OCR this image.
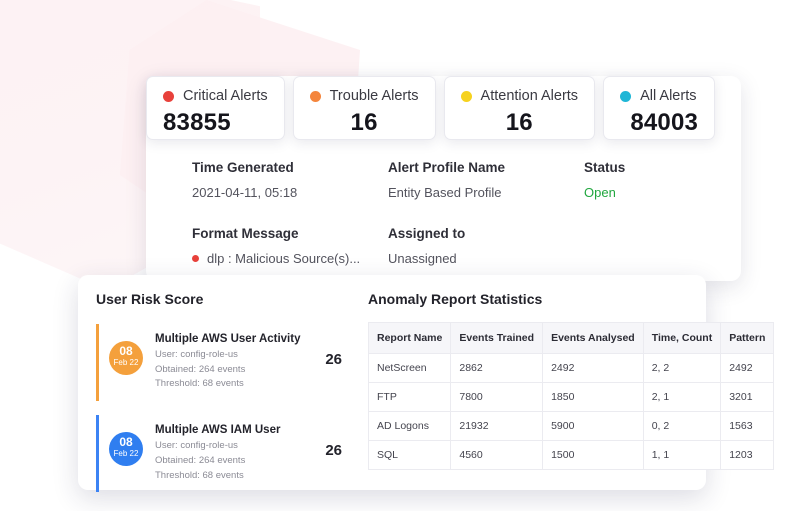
Critical Alerts
83855
Trouble Alerts
16
Attention Alerts
16
All Alerts
84003
Time Generated
2021-04-11, 05:18
Alert Profile Name
Entity Based Profile
Status
Open
Format Message
dlp : Malicious Source(s)...
Assigned to
Unassigned
User Risk Score
08
Feb 22
Multiple AWS User Activity
User: config-role-us
Obtained: 264 events
Threshold: 68 events
26
08
Feb 22
Multiple AWS IAM User
User: config-role-us
Obtained: 264 events
Threshold: 68 events
26
Anomaly Report Statistics
Report Name	Events Trained	Events Analysed	Time, Count	Pattern
NetScreen	2862	2492	2, 2	2492
FTP	7800	1850	2, 1	3201
AD Logons	21932	5900	0, 2	1563
SQL	4560	1500	1, 1	1203
